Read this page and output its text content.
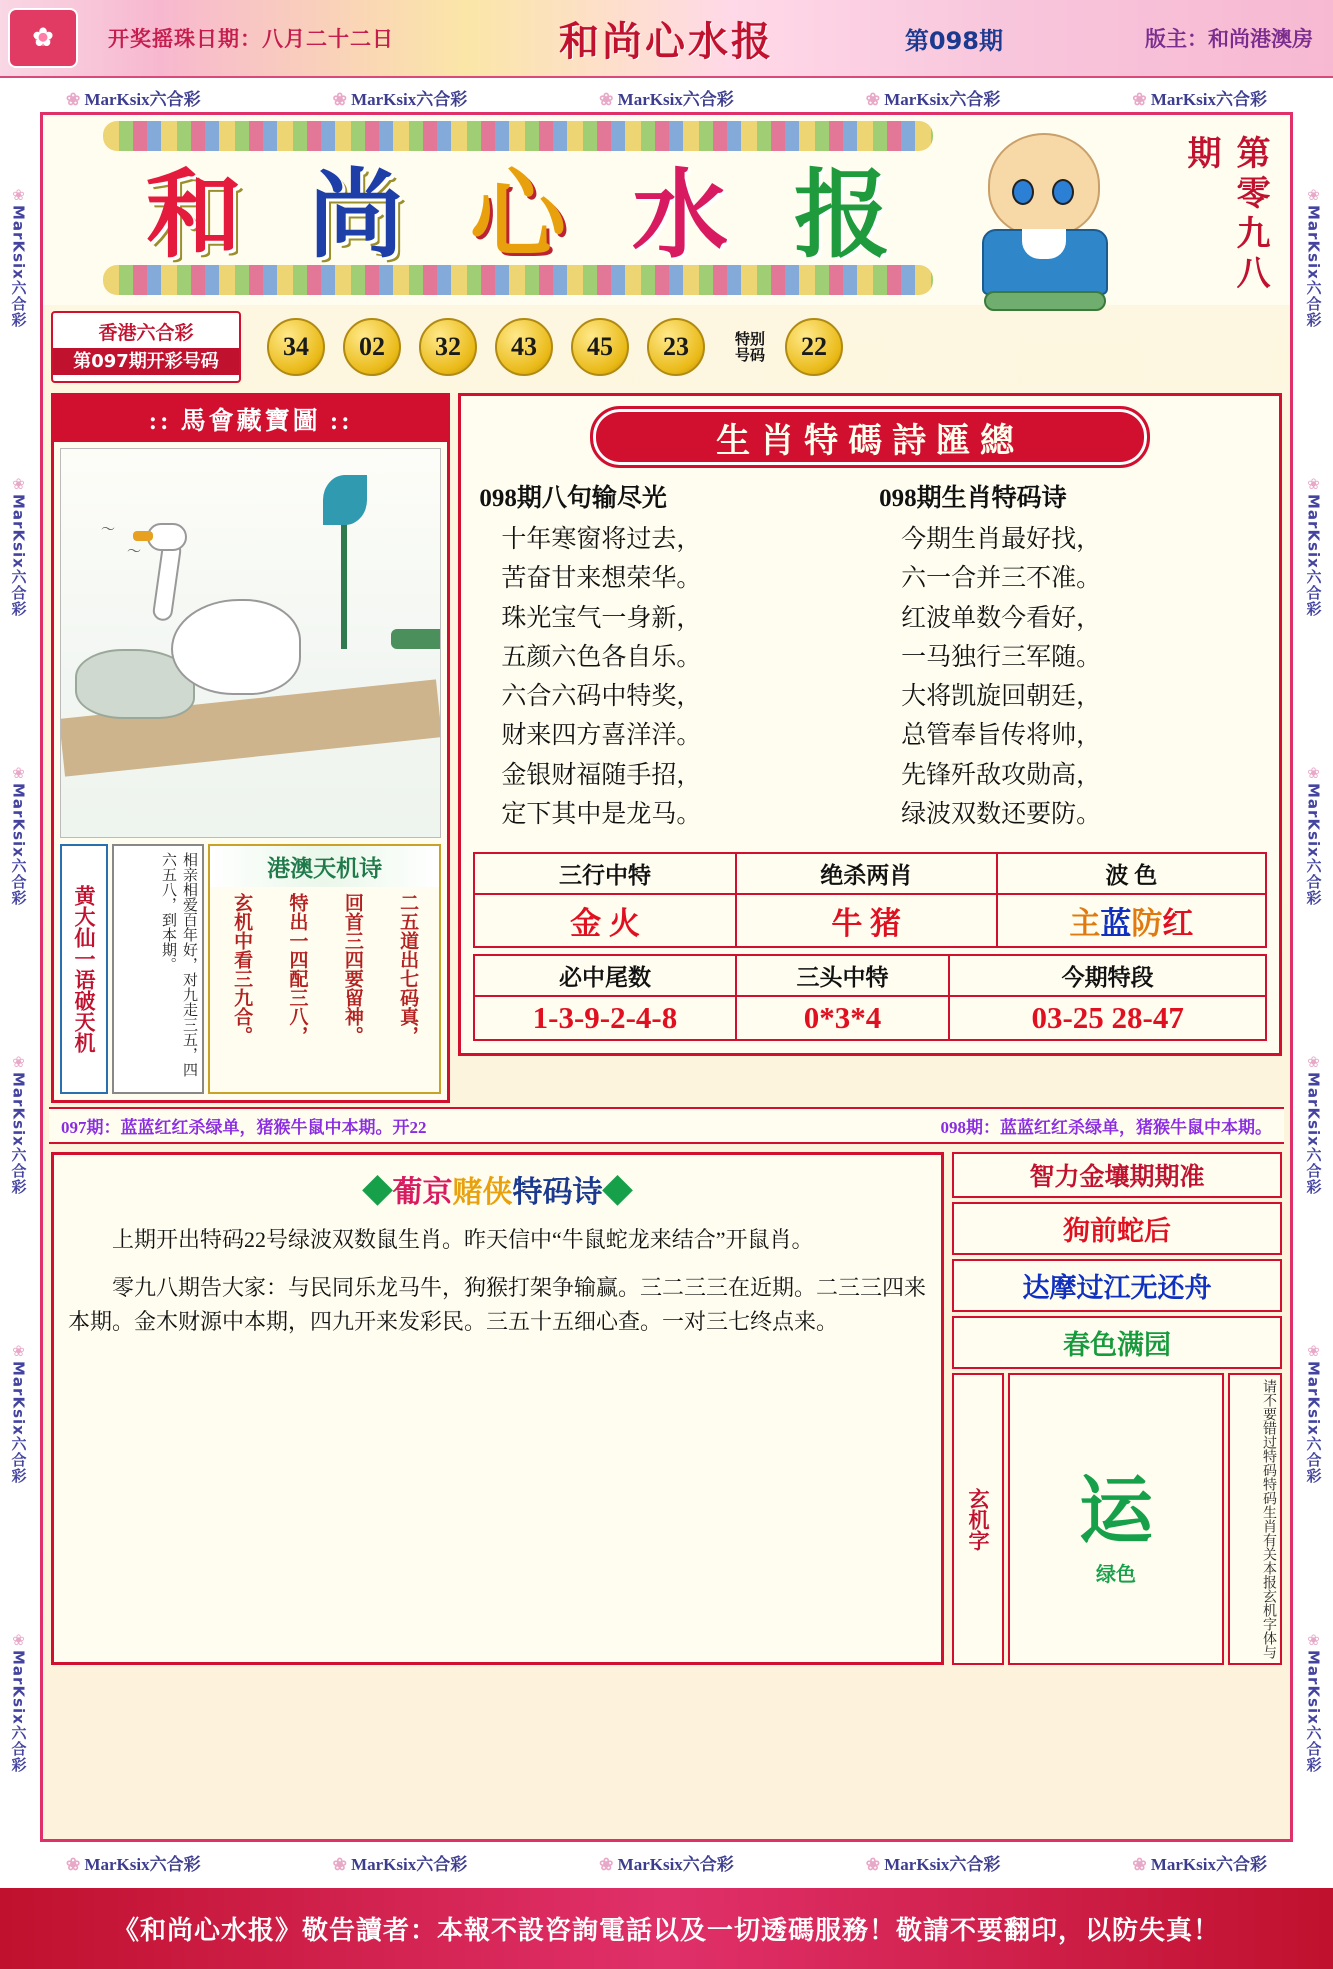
✿	开奖摇珠日期：八月二十二日	和尚心水报	第098期	版主：和尚港澳房
❀ MarKsix六合彩	❀ MarKsix六合彩	❀ MarKsix六合彩	❀ MarKsix六合彩	❀ MarKsix六合彩
❀ MarKsix六合彩	❀ MarKsix六合彩	❀ MarKsix六合彩	❀ MarKsix六合彩	❀ MarKsix六合彩
❀ MarKsix六合彩
❀ MarKsix六合彩
❀ MarKsix六合彩
❀ MarKsix六合彩
❀ MarKsix六合彩
❀ MarKsix六合彩
❀ MarKsix六合彩
❀ MarKsix六合彩
❀ MarKsix六合彩
❀ MarKsix六合彩
❀ MarKsix六合彩
❀ MarKsix六合彩
和 尚 心 水 报	第零九八期
香港六合彩
第097期开彩号码
34	02	32	43	45	23	特别号码	22
:: 馬會藏寶圖 ::
〜
〜
黄大仙一语破天机	相亲相爱百年好，对九走三五，四六五八，到本期。	港澳天机诗
二五道出七码真，
回首三四要留神。
特出一四配三八，
玄机中看三九合。
生肖特碼詩匯總
098期八句输尽光

十年寒窗将过去，

苦奋甘来想荣华。

珠光宝气一身新，

五颜六色各自乐。

六合六码中特奖，

财来四方喜洋洋。

金银财福随手招，

定下其中是龙马。

098期生肖特码诗

今期生肖最好找，

六一合并三不准。

红波单数今看好，

一马独行三军随。

大将凯旋回朝廷，

总管奉旨传将帅，

先锋歼敌攻勋高，

绿波双数还要防。

三行中特	绝杀两肖	波 色
金 火	牛 猪	主蓝防红
必中尾数	三头中特	今期特段
1-3-9-2-4-8	0*3*4	03-25 28-47
097期：蓝蓝红红杀绿单，猪猴牛鼠中本期。开22	098期：蓝蓝红红杀绿单，猪猴牛鼠中本期。
◆葡京赌侠特码诗◆

上期开出特码22号绿波双数鼠生肖。昨天信中“牛鼠蛇龙来结合”开鼠肖。

零九八期告大家：与民同乐龙马牛，狗猴打架争输赢。三二三三在近期。二三三四来本期。金木财源中本期，四九开来发彩民。三五十五细心查。一对三七终点来。

智力金壤期期准
狗前蛇后
达摩过江无还舟
春色满园
玄机字 运
绿色	请不要错过特码特码生肖有关本报玄机字体与
《和尚心水报》敬告讀者：本報不設咨詢電話以及一切透碼服務！敬請不要翻印，以防失真！
